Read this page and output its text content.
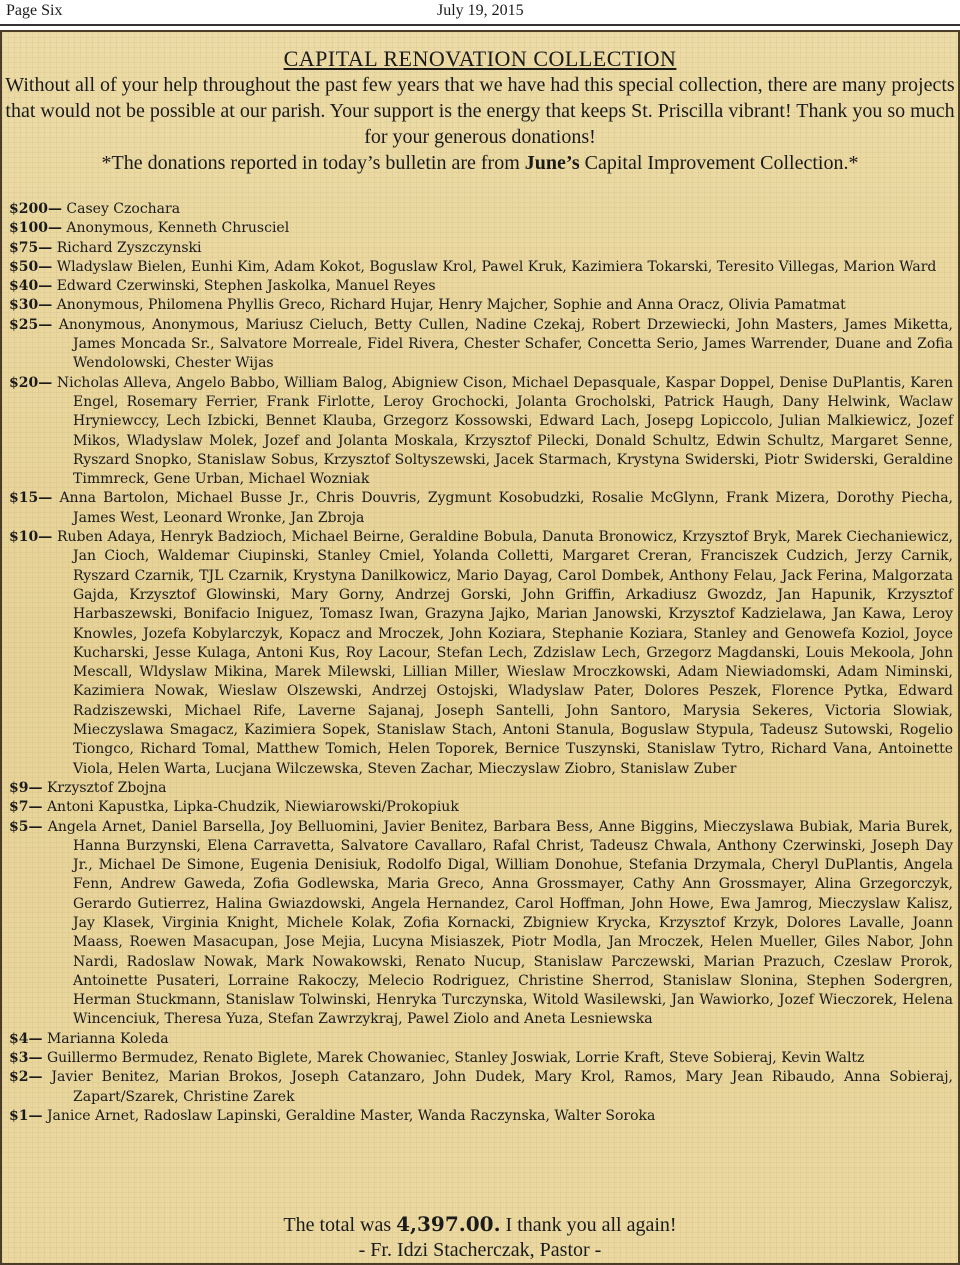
Page Six	July 19, 2015
CAPITAL RENOVATION COLLECTION
Without all of your help throughout the past few years that we have had this special collection, there are many projects that would not be possible at our parish. Your support is the energy that keeps St. Priscilla vibrant! Thank you so much for your generous donations!
*The donations reported in today’s bulletin are from June’s Capital Improvement Collection.*

$200— Casey Czochara

$100— Anonymous, Kenneth Chrusciel

$75— Richard Zyszczynski

$50— Wladyslaw Bielen, Eunhi Kim, Adam Kokot, Boguslaw Krol, Pawel Kruk, Kazimiera Tokarski, Teresito Villegas, Marion Ward

$40— Edward Czerwinski, Stephen Jaskolka, Manuel Reyes

$30— Anonymous, Philomena Phyllis Greco, Richard Hujar, Henry Majcher, Sophie and Anna Oracz, Olivia Pamatmat

$25— Anonymous, Anonymous, Mariusz Cieluch, Betty Cullen, Nadine Czekaj, Robert Drzewiecki, John Masters, James Miketta, James Moncada Sr., Salvatore Morreale, Fidel Rivera, Chester Schafer, Concetta Serio, James Warrender, Duane and Zofia Wendolowski, Chester Wijas

$20— Nicholas Alleva, Angelo Babbo, William Balog, Abigniew Cison, Michael Depasquale, Kaspar Doppel, Denise DuPlantis, Karen Engel, Rosemary Ferrier, Frank Firlotte, Leroy Grochocki, Jolanta Grocholski, Patrick Haugh, Dany Helwink, Waclaw Hryniewccy, Lech Izbicki, Bennet Klauba, Grzegorz Kossowski, Edward Lach, Josepg Lopiccolo, Julian Malkiewicz, Jozef Mikos, Wladyslaw Molek, Jozef and Jolanta Moskala, Krzysztof Pilecki, Donald Schultz, Edwin Schultz, Margaret Senne, Ryszard Snopko, Stanislaw Sobus, Krzysztof Soltyszewski, Jacek Starmach, Krystyna Swiderski, Piotr Swiderski, Geraldine Timmreck, Gene Urban, Michael Wozniak

$15— Anna Bartolon, Michael Busse Jr., Chris Douvris, Zygmunt Kosobudzki, Rosalie McGlynn, Frank Mizera, Dorothy Piecha, James West, Leonard Wronke, Jan Zbroja

$10— Ruben Adaya, Henryk Badzioch, Michael Beirne, Geraldine Bobula, Danuta Bronowicz, Krzysztof Bryk, Marek Ciechaniewicz, Jan Cioch, Waldemar Ciupinski, Stanley Cmiel, Yolanda Colletti, Margaret Creran, Franciszek Cudzich, Jerzy Carnik, Ryszard Czarnik, TJL Czarnik, Krystyna Danilkowicz, Mario Dayag, Carol Dombek, Anthony Felau, Jack Ferina, Malgorzata Gajda, Krzysztof Glowinski, Mary Gorny, Andrzej Gorski, John Griffin, Arkadiusz Gwozdz, Jan Hapunik, Krzysztof Harbaszewski, Bonifacio Iniguez, Tomasz Iwan, Grazyna Jajko, Marian Janowski, Krzysztof Kadzielawa, Jan Kawa, Leroy Knowles, Jozefa Kobylarczyk, Kopacz and Mroczek, John Koziara, Stephanie Koziara, Stanley and Genowefa Koziol, Joyce Kucharski, Jesse Kulaga, Antoni Kus, Roy Lacour, Stefan Lech, Zdzislaw Lech, Grzegorz Magdanski, Louis Mekoola, John Mescall, Wldyslaw Mikina, Marek Milewski, Lillian Miller, Wieslaw Mroczkowski, Adam Niewiadomski, Adam Niminski, Kazimiera Nowak, Wieslaw Olszewski, Andrzej Ostojski, Wladyslaw Pater, Dolores Peszek, Florence Pytka, Edward Radziszewski, Michael Rife, Laverne Sajanaj, Joseph Santelli, John Santoro, Marysia Sekeres, Victoria Slowiak, Mieczyslawa Smagacz, Kazimiera Sopek, Stanislaw Stach, Antoni Stanula, Boguslaw Stypula, Tadeusz Sutowski, Rogelio Tiongco, Richard Tomal, Matthew Tomich, Helen Toporek, Bernice Tuszynski, Stanislaw Tytro, Richard Vana, Antoinette Viola, Helen Warta, Lucjana Wilczewska, Steven Zachar, Mieczyslaw Ziobro, Stanislaw Zuber

$9— Krzysztof Zbojna

$7— Antoni Kapustka, Lipka-Chudzik, Niewiarowski/Prokopiuk

$5— Angela Arnet, Daniel Barsella, Joy Belluomini, Javier Benitez, Barbara Bess, Anne Biggins, Mieczyslawa Bubiak, Maria Burek, Hanna Burzynski, Elena Carravetta, Salvatore Cavallaro, Rafal Christ, Tadeusz Chwala, Anthony Czerwinski, Joseph Day Jr., Michael De Simone, Eugenia Denisiuk, Rodolfo Digal, William Donohue, Stefania Drzymala, Cheryl DuPlantis, Angela Fenn, Andrew Gaweda, Zofia Godlewska, Maria Greco, Anna Grossmayer, Cathy Ann Grossmayer, Alina Grzegorczyk, Gerardo Gutierrez, Halina Gwiazdowski, Angela Hernandez, Carol Hoffman, John Howe, Ewa Jamrog, Mieczyslaw Kalisz, Jay Klasek, Virginia Knight, Michele Kolak, Zofia Kornacki, Zbigniew Krycka, Krzysztof Krzyk, Dolores Lavalle, Joann Maass, Roewen Masacupan, Jose Mejia, Lucyna Misiaszek, Piotr Modla, Jan Mroczek, Helen Mueller, Giles Nabor, John Nardi, Radoslaw Nowak, Mark Nowakowski, Renato Nucup, Stanislaw Parczewski, Marian Prazuch, Czeslaw Prorok, Antoinette Pusateri, Lorraine Rakoczy, Melecio Rodriguez, Christine Sherrod, Stanislaw Slonina, Stephen Sodergren, Herman Stuckmann, Stanislaw Tolwinski, Henryka Turczynska, Witold Wasilewski, Jan Wawiorko, Jozef Wieczorek, Helena Wincenciuk, Theresa Yuza, Stefan Zawrzykraj, Pawel Ziolo and Aneta Lesniewska

$4— Marianna Koleda

$3— Guillermo Bermudez, Renato Biglete, Marek Chowaniec, Stanley Joswiak, Lorrie Kraft, Steve Sobieraj, Kevin Waltz

$2— Javier Benitez, Marian Brokos, Joseph Catanzaro, John Dudek, Mary Krol, Ramos, Mary Jean Ribaudo, Anna Sobieraj, Zapart/Szarek, Christine Zarek

$1— Janice Arnet, Radoslaw Lapinski, Geraldine Master, Wanda Raczynska, Walter Soroka

The total was 4,397.00. I thank you all again!
- Fr. Idzi Stacherczak, Pastor -
